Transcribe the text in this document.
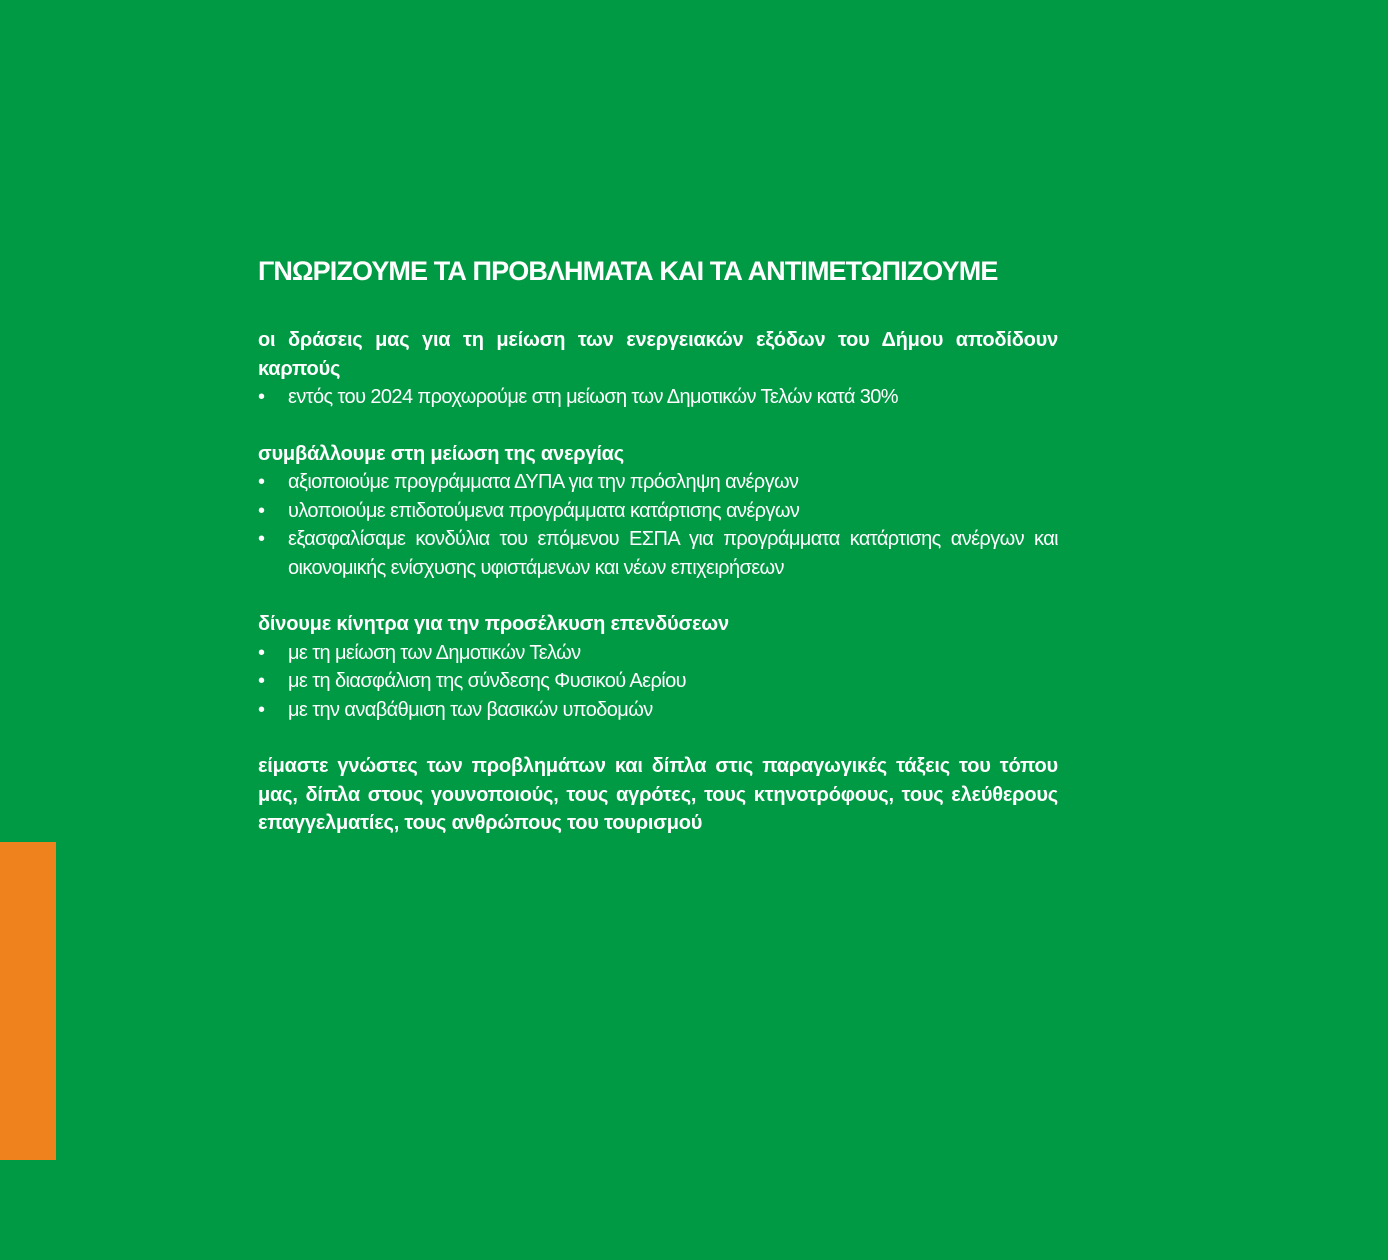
ΓΝΩΡΙΖΟΥΜΕ ΤΑ ΠΡΟΒΛΗΜΑΤΑ ΚΑΙ ΤΑ ΑΝΤΙΜΕΤΩΠΙΖΟΥΜΕ

οι δράσεις μας για τη μείωση των ενεργειακών εξόδων του Δήμου αποδίδουν καρπούς

• εντός του 2024 προχωρούμε στη μείωση των Δημοτικών Τελών κατά 30%

συμβάλλουμε στη μείωση της ανεργίας

• αξιοποιούμε προγράμματα ΔΥΠΑ για την πρόσληψη ανέργων
• υλοποιούμε επιδοτούμενα προγράμματα κατάρτισης ανέργων
• εξασφαλίσαμε κονδύλια του επόμενου ΕΣΠΑ για προγράμματα κατάρτισης ανέργων και οικονομικής ενίσχυσης υφιστάμενων και νέων επιχειρήσεων

δίνουμε κίνητρα για την προσέλκυση επενδύσεων

• με τη μείωση των Δημοτικών Τελών
• με τη διασφάλιση της σύνδεσης Φυσικού Αερίου
• με την αναβάθμιση των βασικών υποδομών

είμαστε γνώστες των προβλημάτων και δίπλα στις παραγωγικές τάξεις του τόπου μας, δίπλα στους γουνοποιούς, τους αγρότες, τους κτηνοτρόφους, τους ελεύθερους επαγγελματίες, τους ανθρώπους του τουρισμού
